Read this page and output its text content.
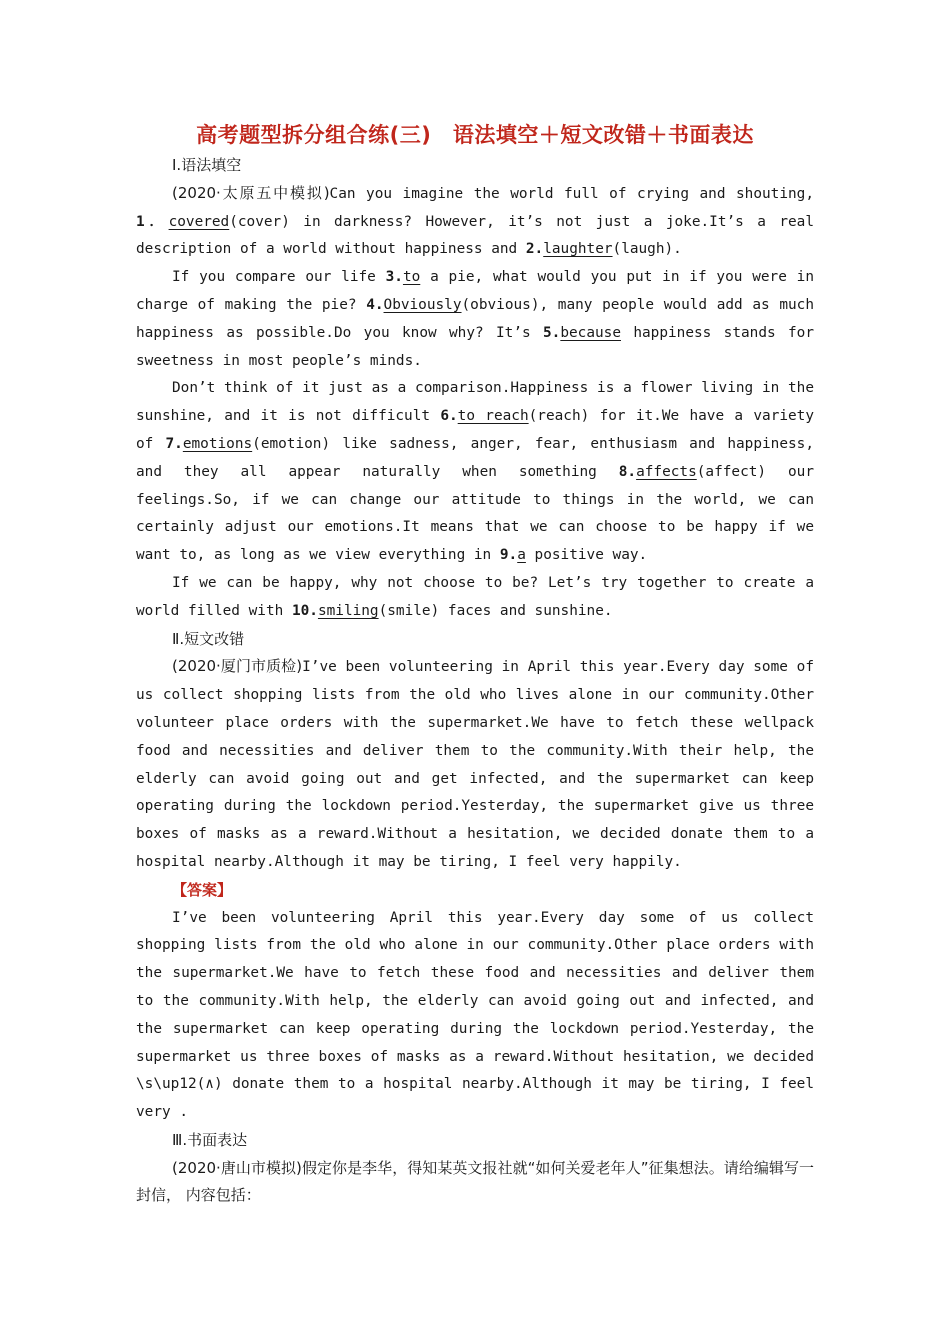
高考题型拆分组合练(三)　语法填空＋短文改错＋书面表达

Ⅰ.语法填空

(2020·太原五中模拟)Can you imagine the world full of crying and shouting, 1．covered(cover) in darkness? However, it’s not just a joke.It’s a real description of a world without happiness and 2.laughter(laugh).

If you compare our life 3.to a pie, what would you put in if you were in charge of making the pie? 4.Obviously(obvious), many people would add as much happiness as possible.Do you know why? It’s 5.because happiness stands for sweetness in most people’s minds.

Don’t think of it just as a comparison.Happiness is a flower living in the sunshine, and it is not difficult 6.to reach(reach) for it.We have a variety of 7.emotions(emotion) like sadness, anger, fear, enthusiasm and happiness, and they all appear naturally when something 8.affects(affect) our feelings.So, if we can change our attitude to things in the world, we can certainly adjust our emotions.It means that we can choose to be happy if we want to, as long as we view everything in 9.a positive way.

If we can be happy, why not choose to be? Let’s try together to create a world filled with 10.smiling(smile) faces and sunshine.

Ⅱ.短文改错

(2020·厦门市质检)I’ve been volunteering in April this year.Every day some of us collect shopping lists from the old who lives alone in our community.Other volunteer place orders with the supermarket.We have to fetch these wellpack food and necessities and deliver them to the community.With their help, the elderly can avoid going out and get infected, and the supermarket can keep operating during the lockdown period.Yesterday, the supermarket give us three boxes of masks as a reward.Without a hesitation, we decided donate them to a hospital nearby.Although it may be tiring, I feel very happily.

【答案】

I’ve been volunteering April this year.Every day some of us collect shopping lists from the old who alone in our community.Other place orders with the supermarket.We have to fetch these food and necessities and deliver them to the community.With help, the elderly can avoid going out and infected, and the supermarket can keep operating during the lockdown period.Yesterday, the supermarket us three boxes of masks as a reward.Without hesitation, we decided \s\up12(∧) donate them to a hospital nearby.Although it may be tiring, I feel very .

Ⅲ.书面表达

(2020·唐山市模拟)假定你是李华，得知某英文报社就“如何关爱老年人”征集想法。请给编辑写一封信， 内容包括：
